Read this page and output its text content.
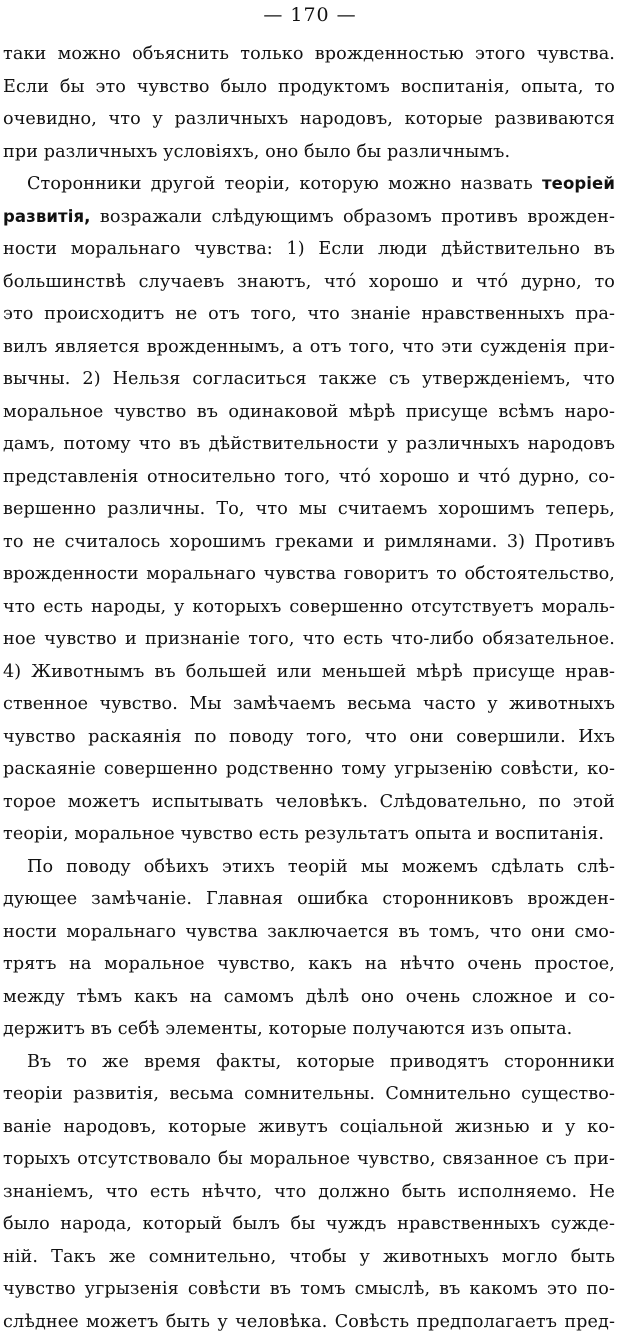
— 170 —
таки можно объяснить только врожденностью этого чувства.
Если бы это чувство было продуктомъ воспитанія, опыта, то
очевидно, что у различныхъ народовъ, которые развиваются
при различныхъ условіяхъ, оно было бы различнымъ.
Сторонники другой теоріи, которую можно назвать теоріей
развитія, возражали слѣдующимъ образомъ противъ врожден-
ности моральнаго чувства: 1) Если люди дѣйствительно въ
большинствѣ случаевъ знаютъ, чтó хорошо и чтó дурно, то
это происходитъ не отъ того, что знаніе нравственныхъ пра-
вилъ является врожденнымъ, а отъ того, что эти сужденія при-
вычны. 2) Нельзя согласиться также съ утвержденіемъ, что
моральное чувство въ одинаковой мѣрѣ присуще всѣмъ наро-
дамъ, потому что въ дѣйствительности у различныхъ народовъ
представленія относительно того, чтó хорошо и чтó дурно, со-
вершенно различны. То, что мы считаемъ хорошимъ теперь,
то не считалось хорошимъ греками и римлянами. 3) Противъ
врожденности моральнаго чувства говоритъ то обстоятельство,
что есть народы, у которыхъ совершенно отсутствуетъ мораль-
ное чувство и признаніе того, что есть что-либо обязательное.
4) Животнымъ въ большей или меньшей мѣрѣ присуще нрав-
ственное чувство. Мы замѣчаемъ весьма часто у животныхъ
чувство раскаянія по поводу того, что они совершили. Ихъ
раскаяніе совершенно родственно тому угрызенію совѣсти, ко-
торое можетъ испытывать человѣкъ. Слѣдовательно, по этой
теоріи, моральное чувство есть результатъ опыта и воспитанія.
По поводу обѣихъ этихъ теорій мы можемъ сдѣлать слѣ-
дующее замѣчаніе. Главная ошибка сторонниковъ врожден-
ности моральнаго чувства заключается въ томъ, что они смо-
трятъ на моральное чувство, какъ на нѣчто очень простое,
между тѣмъ какъ на самомъ дѣлѣ оно очень сложное и со-
держитъ въ себѣ элементы, которые получаются изъ опыта.
Въ то же время факты, которые приводятъ сторонники
теоріи развитія, весьма сомнительны. Сомнительно существо-
ваніе народовъ, которые живутъ соціальной жизнью и у ко-
торыхъ отсутствовало бы моральное чувство, связанное съ при-
знаніемъ, что есть нѣчто, что должно быть исполняемо. Не
было народа, который былъ бы чуждъ нравственныхъ сужде-
ній. Такъ же сомнительно, чтобы у животныхъ могло быть
чувство угрызенія совѣсти въ томъ смыслѣ, въ какомъ это по-
слѣднее можетъ быть у человѣка. Совѣсть предполагаетъ пред-
